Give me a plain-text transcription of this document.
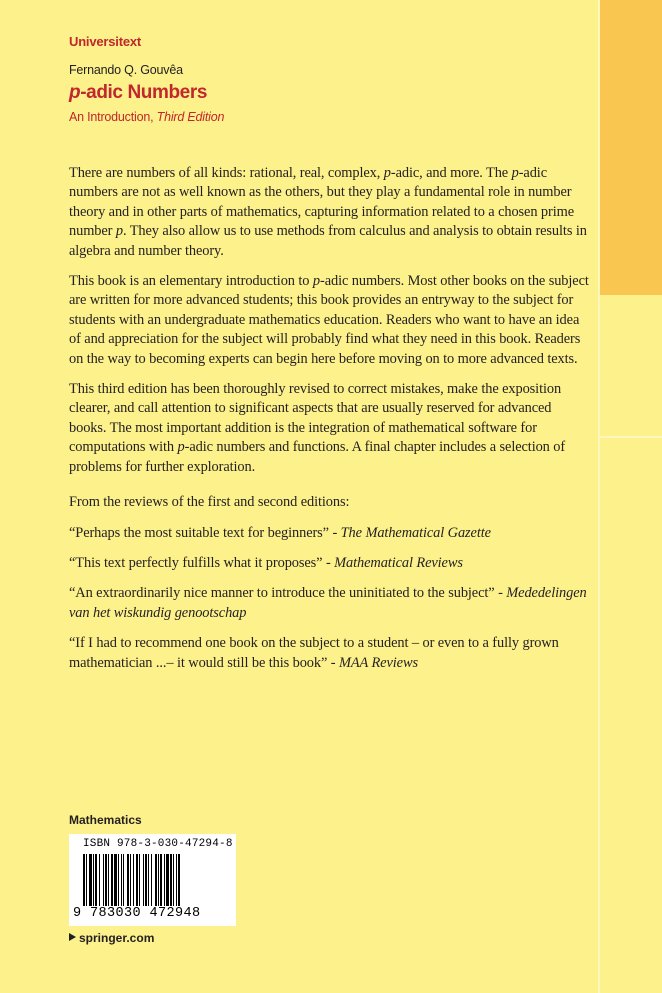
Universitext
Fernando Q. Gouvêa
p-adic Numbers
An Introduction, Third Edition

There are numbers of all kinds: rational, real, complex, p-adic, and more. The p-adic numbers are not as well known as the others, but they play a fundamental role in number theory and in other parts of mathematics, capturing information related to a chosen prime number p. They also allow us to use methods from calculus and analysis to obtain results in algebra and number theory.

This book is an elementary introduction to p-adic numbers. Most other books on the subject are written for more advanced students; this book provides an entryway to the subject for students with an undergraduate mathematics education. Readers who want to have an idea of and appreciation for the subject will probably find what they need in this book. Readers on the way to becoming experts can begin here before moving on to more advanced texts.

This third edition has been thoroughly revised to correct mistakes, make the exposition clearer, and call attention to significant aspects that are usually reserved for advanced books. The most important addition is the integration of mathematical software for computations with p-adic numbers and functions. A final chapter includes a selection of problems for further exploration.

From the reviews of the first and second editions:

“Perhaps the most suitable text for beginners” - The Mathematical Gazette

“This text perfectly fulfills what it proposes” - Mathematical Reviews

“An extraordinarily nice manner to introduce the uninitiated to the subject” - Mededelingen van het wiskundig genootschap

“If I had to recommend one book on the subject to a student – or even to a fully grown mathematician ...– it would still be this book” - MAA Reviews

Mathematics
ISBN 978-3-030-47294-8
9 783030 472948
springer.com
